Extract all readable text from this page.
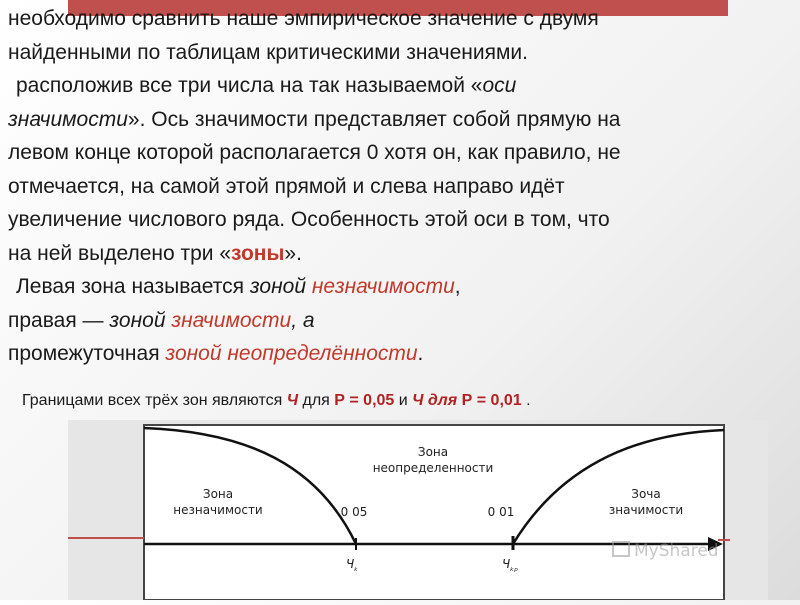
необходимо сравнить наше эмпирическое значение с двумя
найденными по таблицам критическими значениями.
расположив все три числа на так называемой «оси
значимости». Ось значимости представляет собой прямую на
левом конце которой располагается 0 хотя он, как правило, не
отмечается, на самой этой прямой и слева направо идёт
увеличение числового ряда. Особенность этой оси в том, что
на ней выделено три «зоны».
Левая зона называется зоной незначимости,
правая — зоной значимости, а
промежуточная зоной неопределённости.
Границами всех трёх зон являются Ч для Р = 0,05 и Ч для Р = 0,01 .
Зона
неопределенности
Зона
незначимости
Зоча
значимости
0 05	0 01
$Ч_{_k}$	$Ч_{_{kp}}$
MyShared
